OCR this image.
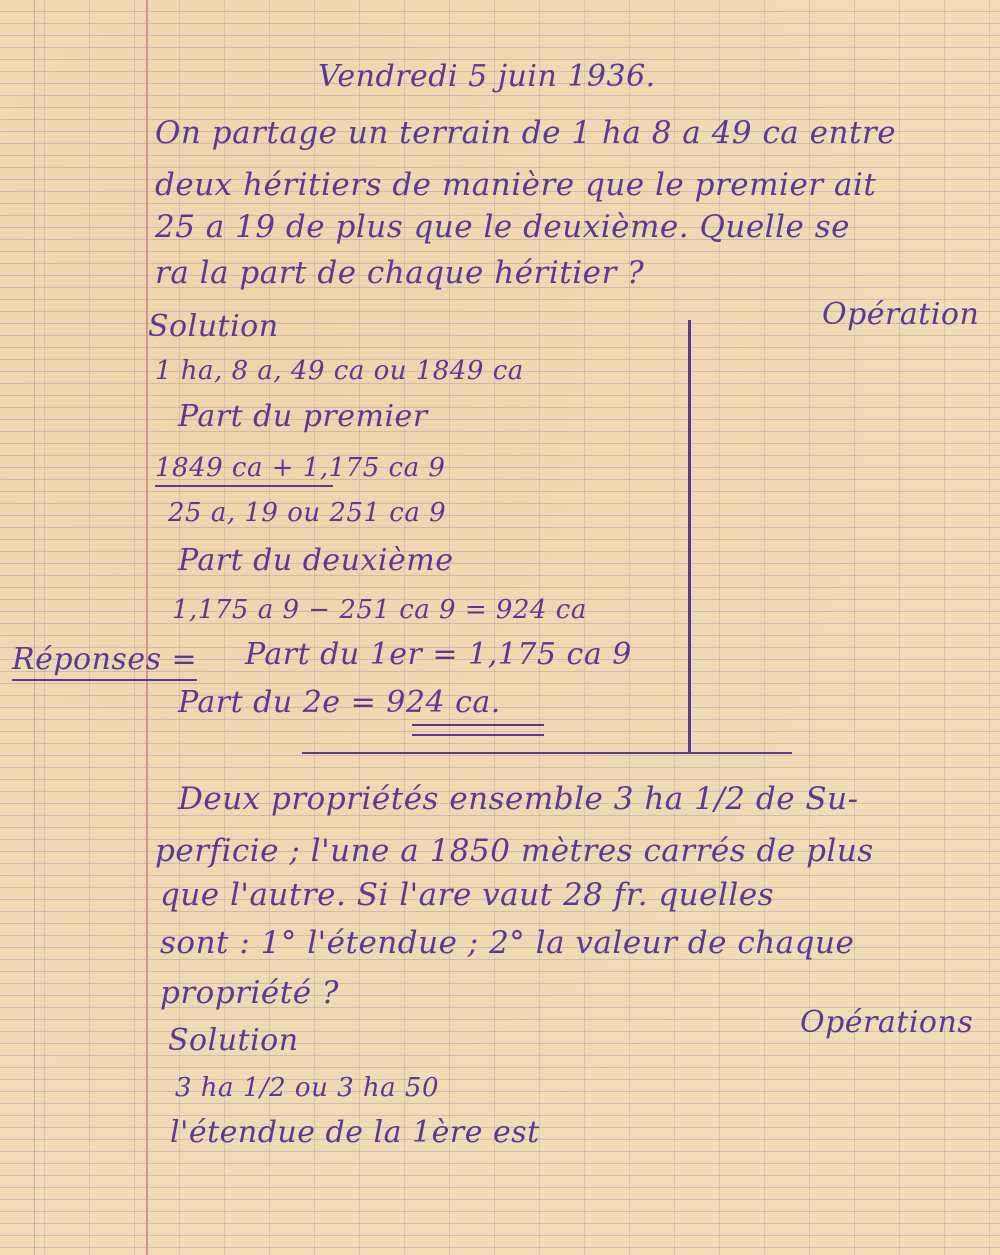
Vendredi 5 juin 1936.
On partage un terrain de 1 ha 8 a 49 ca entre
deux héritiers de manière que le premier ait
25 a 19 de plus que le deuxième. Quelle se
ra la part de chaque héritier ?
Solution	Opération
1 ha, 8 a, 49 ca ou 1849 ca
Part du premier
1849 ca + 1,175 ca 9
25 a, 19 ou 251 ca 9
Part du deuxième
1,175 a 9 − 251 ca 9 = 924 ca
Réponses = Part du 1er = 1,175 ca 9
Part du 2e = 924 ca.
Deux propriétés ensemble 3 ha 1/2 de Su-
perficie ; l'une a 1850 mètres carrés de plus
que l'autre. Si l'are vaut 28 fr. quelles
sont : 1° l'étendue ; 2° la valeur de chaque
propriété ?
Solution
Opérations
3 ha 1/2 ou 3 ha 50
l'étendue de la 1ère est
